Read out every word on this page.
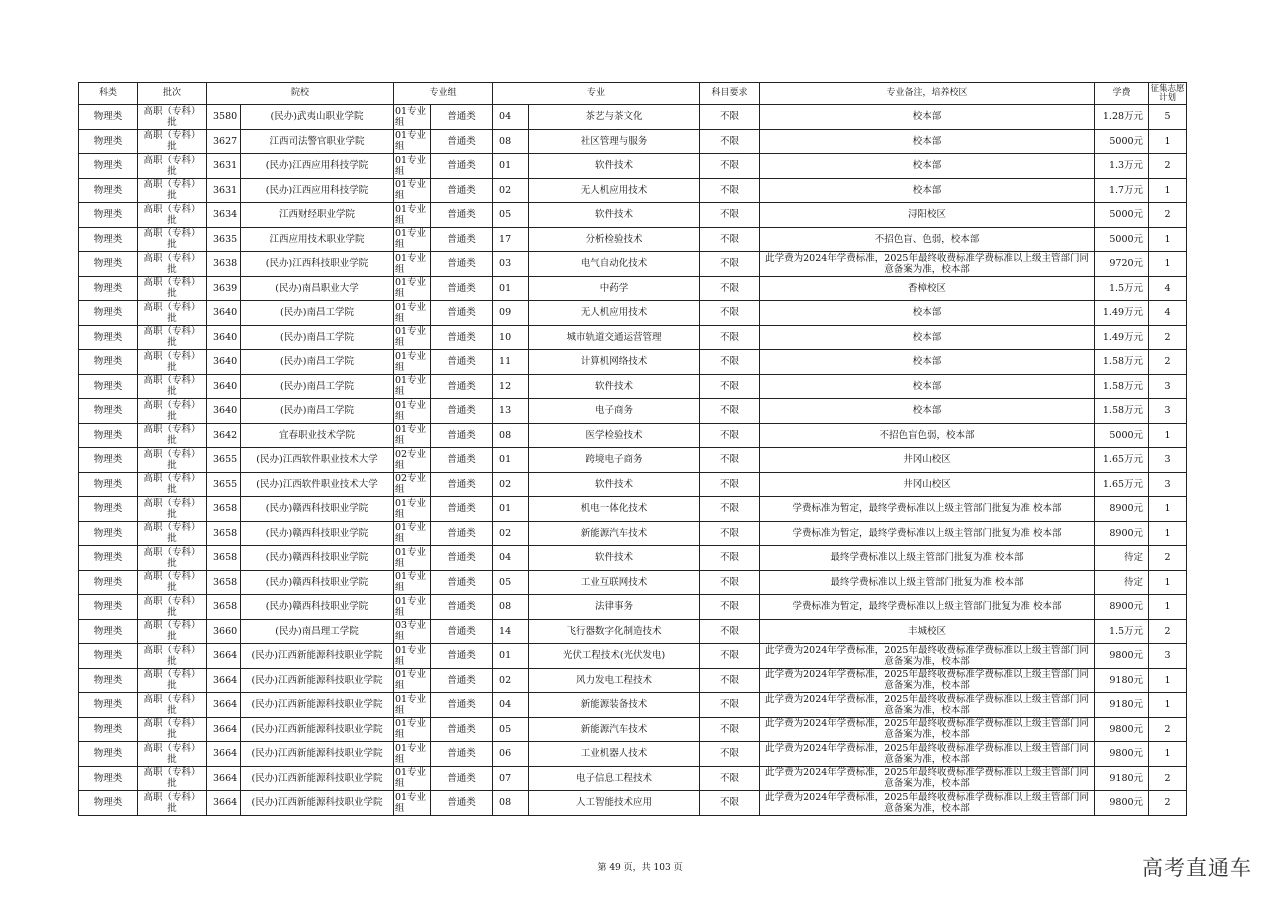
科类	批次	院校		专业组		专业		科目要求	专业备注，培养校区	学费	征集志愿计划
物理类	高职（专科）批	3580	(民办)武夷山职业学院	01专业组	普通类	04	茶艺与茶文化	不限	校本部	1.28万元	5
物理类	高职（专科）批	3627	江西司法警官职业学院	01专业组	普通类	08	社区管理与服务	不限	校本部	5000元	1
物理类	高职（专科）批	3631	(民办)江西应用科技学院	01专业组	普通类	01	软件技术	不限	校本部	1.3万元	2
物理类	高职（专科）批	3631	(民办)江西应用科技学院	01专业组	普通类	02	无人机应用技术	不限	校本部	1.7万元	1
物理类	高职（专科）批	3634	江西财经职业学院	01专业组	普通类	05	软件技术	不限	浔阳校区	5000元	2
物理类	高职（专科）批	3635	江西应用技术职业学院	01专业组	普通类	17	分析检验技术	不限	不招色盲、色弱，校本部	5000元	1
物理类	高职（专科）批	3638	(民办)江西科技职业学院	01专业组	普通类	03	电气自动化技术	不限	此学费为2024年学费标准，2025年最终收费标准学费标准以上级主管部门同意备案为准，校本部	9720元	1
物理类	高职（专科）批	3639	(民办)南昌职业大学	01专业组	普通类	01	中药学	不限	香樟校区	1.5万元	4
物理类	高职（专科）批	3640	(民办)南昌工学院	01专业组	普通类	09	无人机应用技术	不限	校本部	1.49万元	4
物理类	高职（专科）批	3640	(民办)南昌工学院	01专业组	普通类	10	城市轨道交通运营管理	不限	校本部	1.49万元	2
物理类	高职（专科）批	3640	(民办)南昌工学院	01专业组	普通类	11	计算机网络技术	不限	校本部	1.58万元	2
物理类	高职（专科）批	3640	(民办)南昌工学院	01专业组	普通类	12	软件技术	不限	校本部	1.58万元	3
物理类	高职（专科）批	3640	(民办)南昌工学院	01专业组	普通类	13	电子商务	不限	校本部	1.58万元	3
物理类	高职（专科）批	3642	宜春职业技术学院	01专业组	普通类	08	医学检验技术	不限	不招色盲色弱，校本部	5000元	1
物理类	高职（专科）批	3655	(民办)江西软件职业技术大学	02专业组	普通类	01	跨境电子商务	不限	井冈山校区	1.65万元	3
物理类	高职（专科）批	3655	(民办)江西软件职业技术大学	02专业组	普通类	02	软件技术	不限	井冈山校区	1.65万元	3
物理类	高职（专科）批	3658	(民办)赣西科技职业学院	01专业组	普通类	01	机电一体化技术	不限	学费标准为暂定，最终学费标准以上级主管部门批复为准 校本部	8900元	1
物理类	高职（专科）批	3658	(民办)赣西科技职业学院	01专业组	普通类	02	新能源汽车技术	不限	学费标准为暂定，最终学费标准以上级主管部门批复为准 校本部	8900元	1
物理类	高职（专科）批	3658	(民办)赣西科技职业学院	01专业组	普通类	04	软件技术	不限	最终学费标准以上级主管部门批复为准 校本部	待定	2
物理类	高职（专科）批	3658	(民办)赣西科技职业学院	01专业组	普通类	05	工业互联网技术	不限	最终学费标准以上级主管部门批复为准 校本部	待定	1
物理类	高职（专科）批	3658	(民办)赣西科技职业学院	01专业组	普通类	08	法律事务	不限	学费标准为暂定，最终学费标准以上级主管部门批复为准 校本部	8900元	1
物理类	高职（专科）批	3660	(民办)南昌理工学院	03专业组	普通类	14	飞行器数字化制造技术	不限	丰城校区	1.5万元	2
物理类	高职（专科）批	3664	(民办)江西新能源科技职业学院	01专业组	普通类	01	光伏工程技术(光伏发电)	不限	此学费为2024年学费标准，2025年最终收费标准学费标准以上级主管部门同意备案为准，校本部	9800元	3
物理类	高职（专科）批	3664	(民办)江西新能源科技职业学院	01专业组	普通类	02	风力发电工程技术	不限	此学费为2024年学费标准，2025年最终收费标准学费标准以上级主管部门同意备案为准，校本部	9180元	1
物理类	高职（专科）批	3664	(民办)江西新能源科技职业学院	01专业组	普通类	04	新能源装备技术	不限	此学费为2024年学费标准，2025年最终收费标准学费标准以上级主管部门同意备案为准，校本部	9180元	1
物理类	高职（专科）批	3664	(民办)江西新能源科技职业学院	01专业组	普通类	05	新能源汽车技术	不限	此学费为2024年学费标准，2025年最终收费标准学费标准以上级主管部门同意备案为准，校本部	9800元	2
物理类	高职（专科）批	3664	(民办)江西新能源科技职业学院	01专业组	普通类	06	工业机器人技术	不限	此学费为2024年学费标准，2025年最终收费标准学费标准以上级主管部门同意备案为准，校本部	9800元	1
物理类	高职（专科）批	3664	(民办)江西新能源科技职业学院	01专业组	普通类	07	电子信息工程技术	不限	此学费为2024年学费标准，2025年最终收费标准学费标准以上级主管部门同意备案为准，校本部	9180元	2
物理类	高职（专科）批	3664	(民办)江西新能源科技职业学院	01专业组	普通类	08	人工智能技术应用	不限	此学费为2024年学费标准，2025年最终收费标准学费标准以上级主管部门同意备案为准，校本部	9800元	2
第 49 页，共 103 页	高考直通车
